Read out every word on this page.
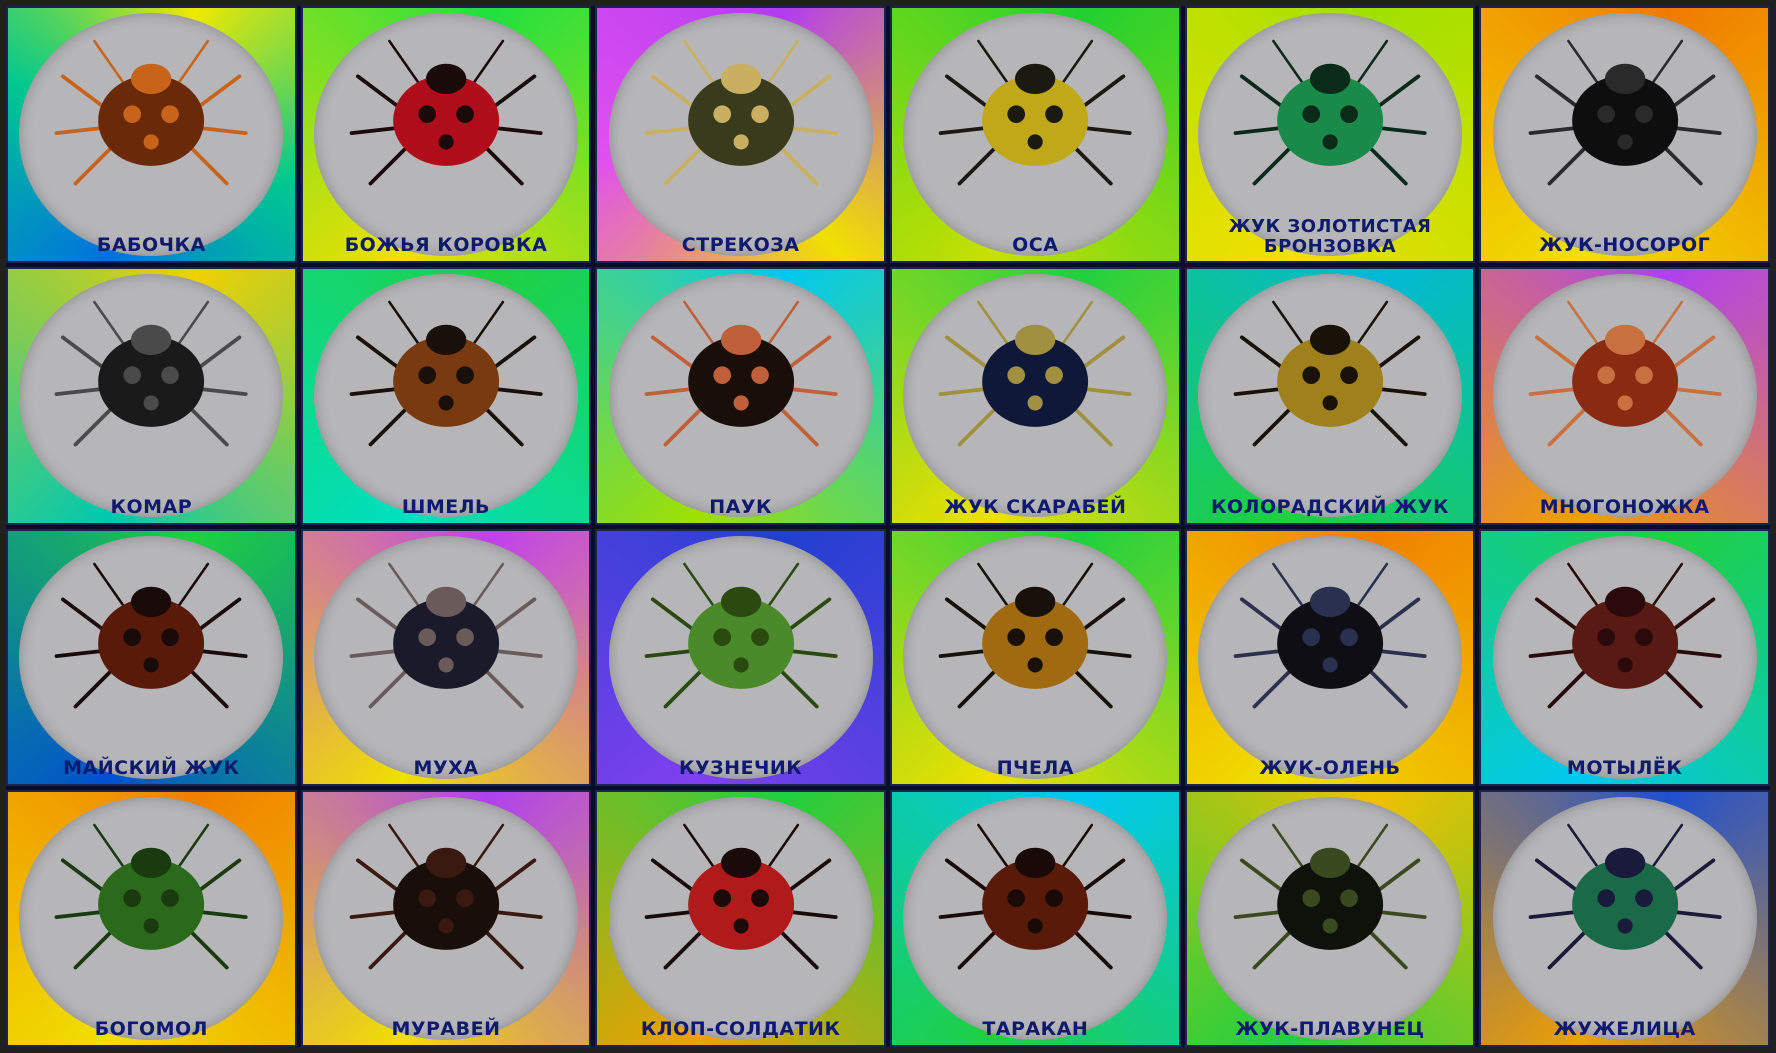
БАБОЧКА	БОЖЬЯ КОРОВКА	СТРЕКОЗА	ОСА
ЖУК ЗОЛОТИСТАЯ
БРОНЗОВКА	ЖУК-НОСОРОГ
КОМАР	ШМЕЛЬ	ПАУК	ЖУК СКАРАБЕЙ	КОЛОРАДСКИЙ ЖУК	МНОГОНОЖКА
МАЙСКИЙ ЖУК	МУХА	КУЗНЕЧИК	ПЧЕЛА	ЖУК-ОЛЕНЬ	МОТЫЛЁК
БОГОМОЛ	МУРАВЕЙ	КЛОП-СОЛДАТИК	ТАРАКАН	ЖУК-ПЛАВУНЕЦ	ЖУЖЕЛИЦА
